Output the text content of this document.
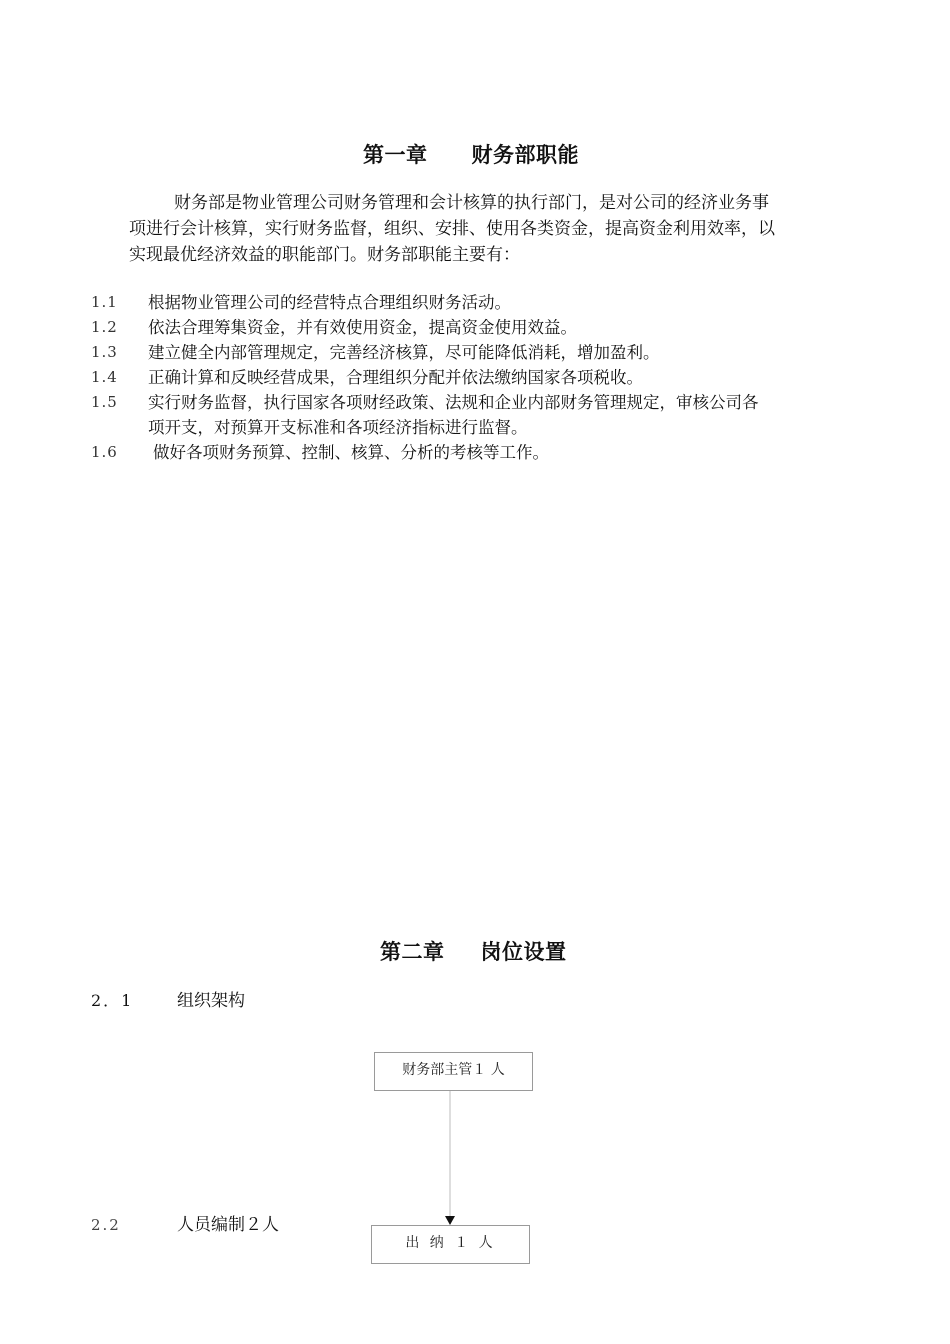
第一章 财务部职能
财务部是物业管理公司财务管理和会计核算的执行部门，是对公司的经济业务事
项进行会计核算，实行财务监督，组织、安排、使用各类资金，提高资金利用效率，以
实现最优经济效益的职能部门。财务部职能主要有：
1.1	根据物业管理公司的经营特点合理组织财务活动。
1.2	依法合理筹集资金，并有效使用资金，提高资金使用效益。
1.3	建立健全内部管理规定，完善经济核算，尽可能降低消耗，增加盈利。
1.4	正确计算和反映经营成果，合理组织分配并依法缴纳国家各项税收。
1.5	实行财务监督，执行国家各项财经政策、法规和企业内部财务管理规定，审核公司各
项开支，对预算开支标准和各项经济指标进行监督。
1.6	做好各项财务预算、控制、核算、分析的考核等工作。
第二章 岗位设置
2．1	组织架构
财务部主管１ 人
2.2	人员编制２人
出 纳 １ 人
